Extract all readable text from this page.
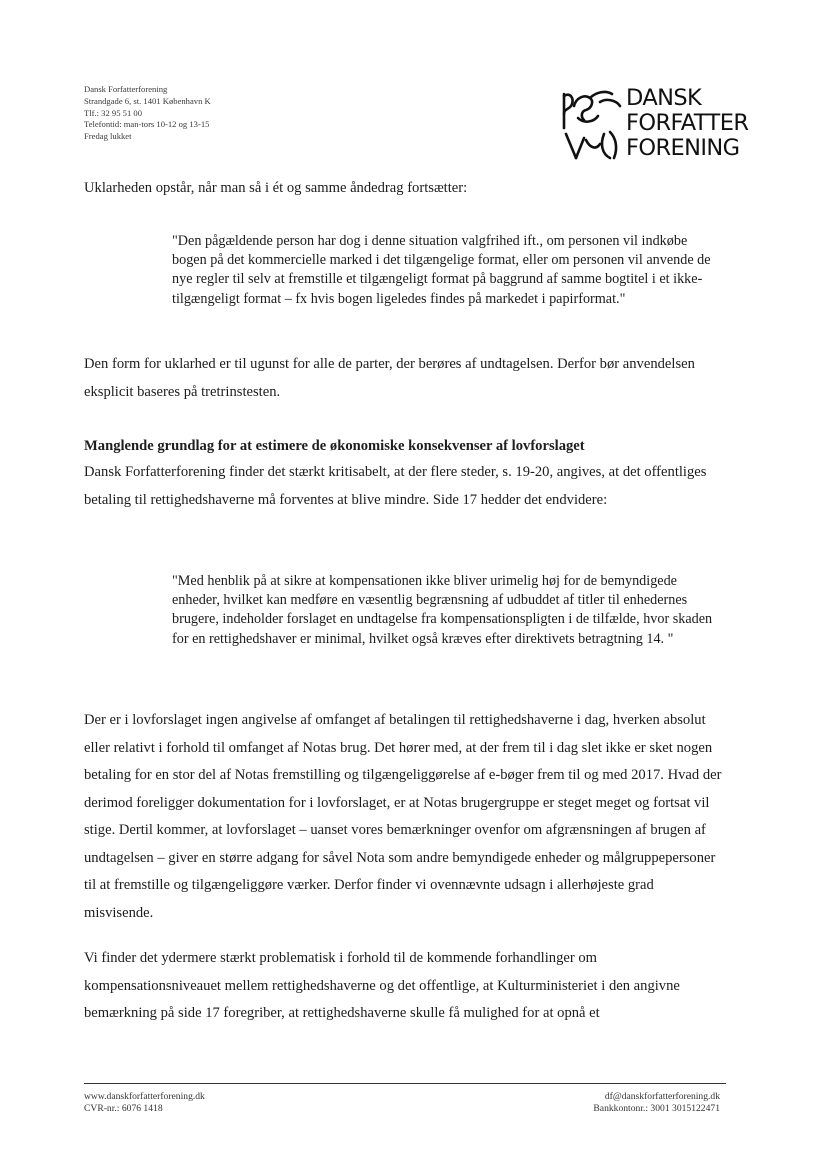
Dansk Forfatterforening
Strandgade 6, st. 1401 København K
Tlf.: 32 95 51 00
Telefontid: man-tors 10-12 og 13-15
Fredag lukket
DANSK
FORFATTER
FORENING
Uklarheden opstår, når man så i ét og samme åndedrag fortsætter:
"Den pågældende person har dog i denne situation valgfrihed ift., om personen vil indkøbe bogen på det kommercielle marked i det tilgængelige format, eller om personen vil anvende de nye regler til selv at fremstille et tilgængeligt format på baggrund af samme bogtitel i et ikke-tilgængeligt format – fx hvis bogen ligeledes findes på markedet i papirformat."
Den form for uklarhed er til ugunst for alle de parter, der berøres af undtagelsen. Derfor bør anvendelsen eksplicit baseres på tretrinstesten.
Manglende grundlag for at estimere de økonomiske konsekvenser af lovforslaget
Dansk Forfatterforening finder det stærkt kritisabelt, at der flere steder, s. 19-20, angives, at det offentliges betaling til rettighedshaverne må forventes at blive mindre. Side 17 hedder det endvidere:
"Med henblik på at sikre at kompensationen ikke bliver urimelig høj for de bemyndigede enheder, hvilket kan medføre en væsentlig begrænsning af udbuddet af titler til enhedernes brugere, indeholder forslaget en undtagelse fra kompensationspligten i de tilfælde, hvor skaden for en rettighedshaver er minimal, hvilket også kræves efter direktivets betragtning 14. "
Der er i lovforslaget ingen angivelse af omfanget af betalingen til rettighedshaverne i dag, hverken absolut eller relativt i forhold til omfanget af Notas brug. Det hører med, at der frem til i dag slet ikke er sket nogen betaling for en stor del af Notas fremstilling og tilgængeliggørelse af e-bøger frem til og med 2017. Hvad der derimod foreligger dokumentation for i lovforslaget, er at Notas brugergruppe er steget meget og fortsat vil stige. Dertil kommer, at lovforslaget – uanset vores bemærkninger ovenfor om afgrænsningen af brugen af undtagelsen – giver en større adgang for såvel Nota som andre bemyndigede enheder og målgruppepersoner til at fremstille og tilgængeliggøre værker. Derfor finder vi ovennævnte udsagn i allerhøjeste grad misvisende.
Vi finder det ydermere stærkt problematisk i forhold til de kommende forhandlinger om kompensationsniveauet mellem rettighedshaverne og det offentlige, at Kulturministeriet i den angivne bemærkning på side 17 foregriber, at rettighedshaverne skulle få mulighed for at opnå et
www.danskforfatterforening.dk
CVR-nr.: 6076 1418
df@danskforfatterforening.dk
Bankkontonr.: 3001 3015122471
